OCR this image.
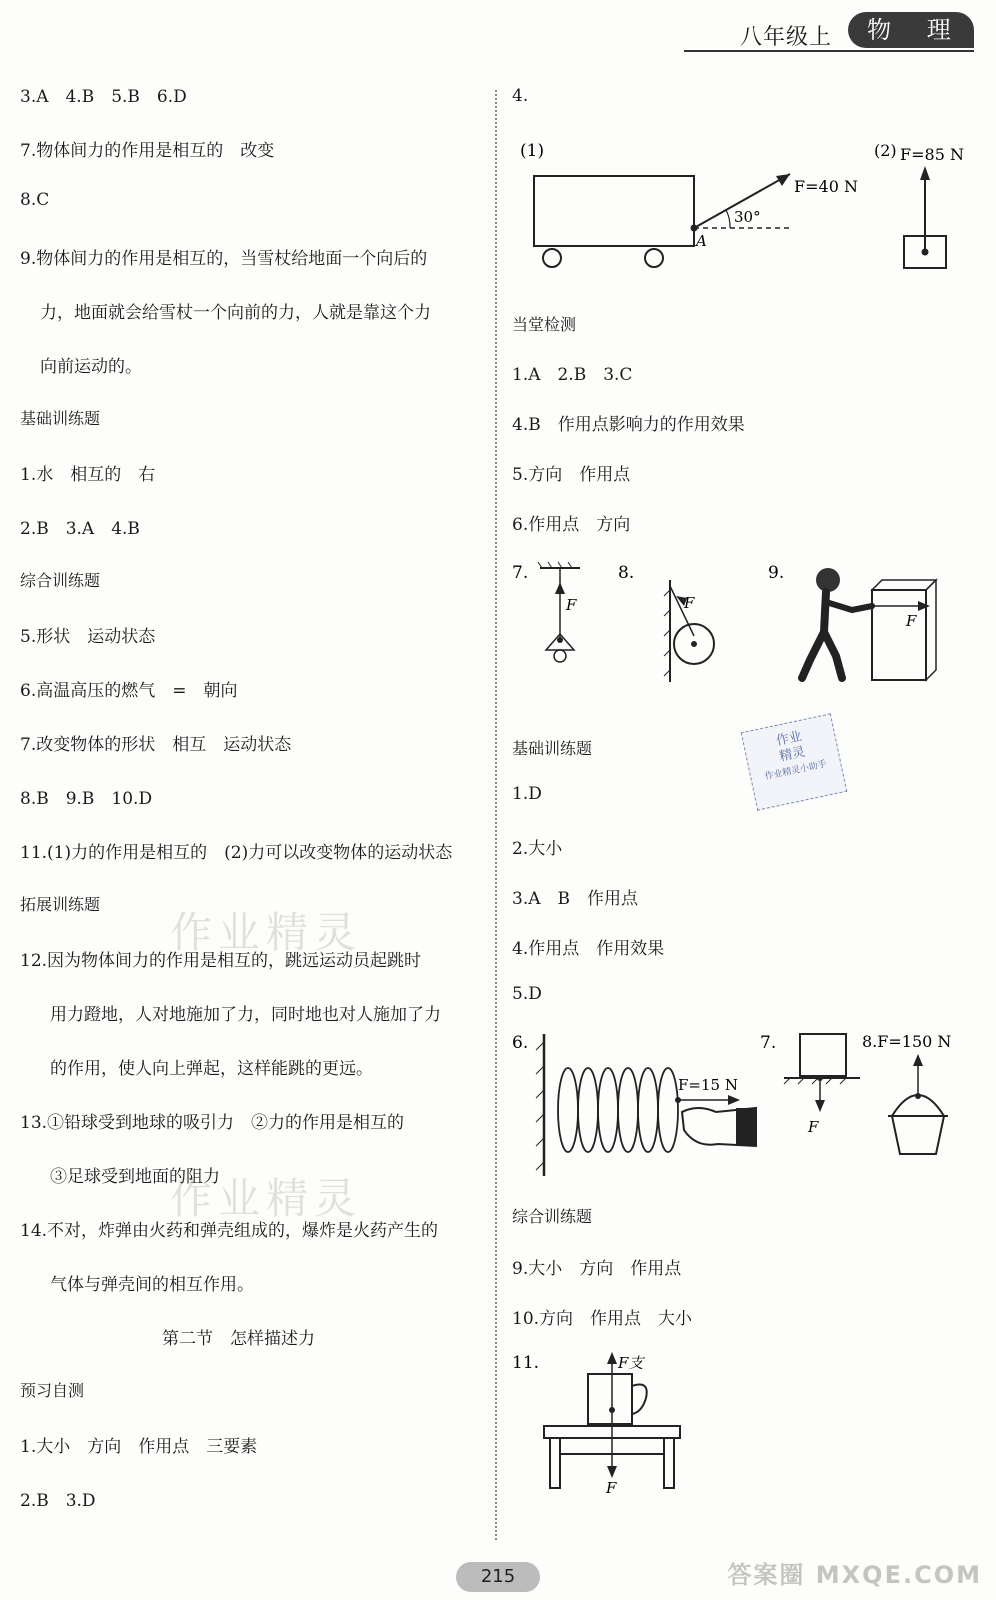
八年级上	物 理
3.A　4.B　5.B　6.D
7.物体间力的作用是相互的　改变
8.C
9.物体间力的作用是相互的，当雪杖给地面一个向后的
力，地面就会给雪杖一个向前的力，人就是靠这个力
向前运动的。
基础训练题
1.水　相互的　右
2.B　3.A　4.B
综合训练题
5.形状　运动状态
6.高温高压的燃气　=　朝向
7.改变物体的形状　相互　运动状态
8.B　9.B　10.D
11.(1)力的作用是相互的　(2)力可以改变物体的运动状态
拓展训练题
12.因为物体间力的作用是相互的，跳远运动员起跳时
用力蹬地，人对地施加了力，同时地也对人施加了力
的作用，使人向上弹起，这样能跳的更远。
13.①铅球受到地球的吸引力　②力的作用是相互的
③足球受到地面的阻力
14.不对，炸弹由火药和弹壳组成的，爆炸是火药产生的
气体与弹壳间的相互作用。
第二节　怎样描述力
预习自测
1.大小　方向　作用点　三要素
2.B　3.D
4.
(1)
30°
A
F=40 N
(2) F=85 N
当堂检测
1.A　2.B　3.C
4.B　作用点影响力的作用效果
5.方向　作用点
6.作用点　方向
7.
F
8.
F
9.
F
作业
精灵
作业精灵小助手
基础训练题
1.D
2.大小
3.A　B　作用点
4.作用点　作用效果
5.D
6.
F=15 N
7.
F
8.F=150 N
综合训练题
9.大小　方向　作用点
10.方向　作用点　大小
11.	F支
F
作业精灵
作业精灵
答案圈 MXQE.COM
215
